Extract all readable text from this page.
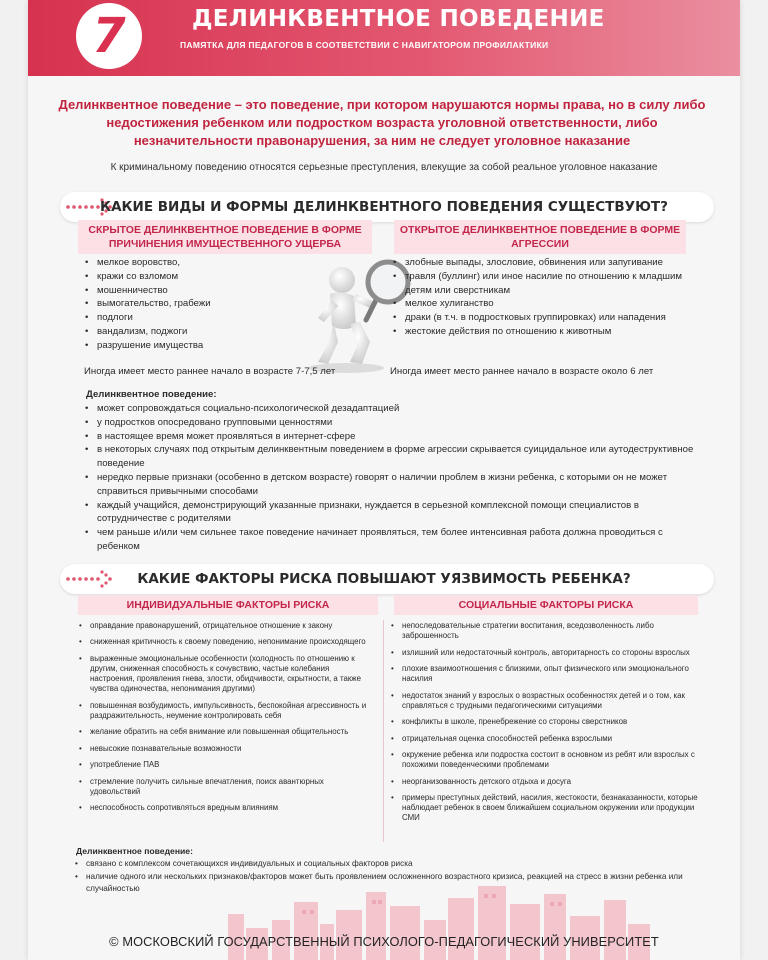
7	ДЕЛИНКВЕНТНОЕ ПОВЕДЕНИЕ
ПАМЯТКА ДЛЯ ПЕДАГОГОВ В СООТВЕТСТВИИ С НАВИГАТОРОМ ПРОФИЛАКТИКИ
Делинквентное поведение – это поведение, при котором нарушаются нормы права, но в силу либо недостижения ребенком или подростком возраста уголовной ответственности, либо незначительности правонарушения, за ним не следует уголовное наказание
К криминальному поведению относятся серьезные преступления, влекущие за собой реальное уголовное наказание
КАКИЕ ВИДЫ И ФОРМЫ ДЕЛИНКВЕНТНОГО ПОВЕДЕНИЯ СУЩЕСТВУЮТ?
СКРЫТОЕ ДЕЛИНКВЕНТНОЕ ПОВЕДЕНИЕ В ФОРМЕ ПРИЧИНЕНИЯ ИМУЩЕСТВЕННОГО УЩЕРБА
ОТКРЫТОЕ ДЕЛИНКВЕНТНОЕ ПОВЕДЕНИЕ В ФОРМЕ АГРЕССИИ
• мелкое воровство,
• кражи со взломом
• мошенничество
• вымогательство, грабежи
• подлоги
• вандализм, поджоги
• разрушение имущества
• злобные выпады, злословие, обвинения или запугивание
• травля (буллинг) или иное насилие по отношению к младшим детям или сверстникам
• мелкое хулиганство
• драки (в т.ч. в подростковых группировках) или нападения
• жестокие действия по отношению к животным
Иногда имеет место раннее начало в возрасте 7-7,5 лет	Иногда имеет место раннее начало в возрасте около 6 лет
Делинквентное поведение:
• может сопровождаться социально-психологической дезадаптацией
• у подростков опосредовано групповыми ценностями
• в настоящее время может проявляться в интернет-сфере
• в некоторых случаях под открытым делинквентным поведением в форме агрессии скрывается суицидальное или аутодеструктивное поведение
• нередко первые признаки (особенно в детском возрасте) говорят о наличии проблем в жизни ребенка, с которыми он не может справиться привычными способами
• каждый учащийся, демонстрирующий указанные признаки, нуждается в серьезной комплексной помощи специалистов в сотрудничестве с родителями
• чем раньше и/или чем сильнее такое поведение начинает проявляться, тем более интенсивная работа должна проводиться с ребенком
КАКИЕ ФАКТОРЫ РИСКА ПОВЫШАЮТ УЯЗВИМОСТЬ РЕБЕНКА?
ИНДИВИДУАЛЬНЫЕ ФАКТОРЫ РИСКА	СОЦИАЛЬНЫЕ ФАКТОРЫ РИСКА
• оправдание правонарушений, отрицательное отношение к закону
• сниженная критичность к своему поведению, непонимание происходящего
• выраженные эмоциональные особенности (холодность по отношению к другим, сниженная способность к сочувствию, частые колебания настроения, проявления гнева, злости, обидчивости, скрытности, а также чувства одиночества, непонимания другими)
• повышенная возбудимость, импульсивность, беспокойная агрессивность и раздражительность, неумение контролировать себя
• желание обратить на себя внимание или повышенная общительность
• невысокие познавательные возможности
• употребление ПАВ
• стремление получить сильные впечатления, поиск авантюрных удовольствий
• неспособность сопротивляться вредным влияниям
• непоследовательные стратегии воспитания, вседозволенность либо заброшенность
• излишний или недостаточный контроль, авторитарность со стороны взрослых
• плохие взаимоотношения с близкими, опыт физического или эмоционального насилия
• недостаток знаний у взрослых о возрастных особенностях детей и о том, как справляться с трудными педагогическими ситуациями
• конфликты в школе, пренебрежение со стороны сверстников
• отрицательная оценка способностей ребенка взрослыми
• окружение ребенка или подростка состоит в основном из ребят или взрослых с похожими поведенческими проблемами
• неорганизованность детского отдыха и досуга
• примеры преступных действий, насилия, жестокости, безнаказанности, которые наблюдает ребенок в своем ближайшем социальном окружении или продукции СМИ
Делинквентное поведение:
• связано с комплексом сочетающихся индивидуальных и социальных факторов риска
• наличие одного или нескольких признаков/факторов может быть проявлением осложненного возрастного кризиса, реакцией на стресс в жизни ребенка или случайностью
© МОСКОВСКИЙ ГОСУДАРСТВЕННЫЙ ПСИХОЛОГО-ПЕДАГОГИЧЕСКИЙ УНИВЕРСИТЕТ
